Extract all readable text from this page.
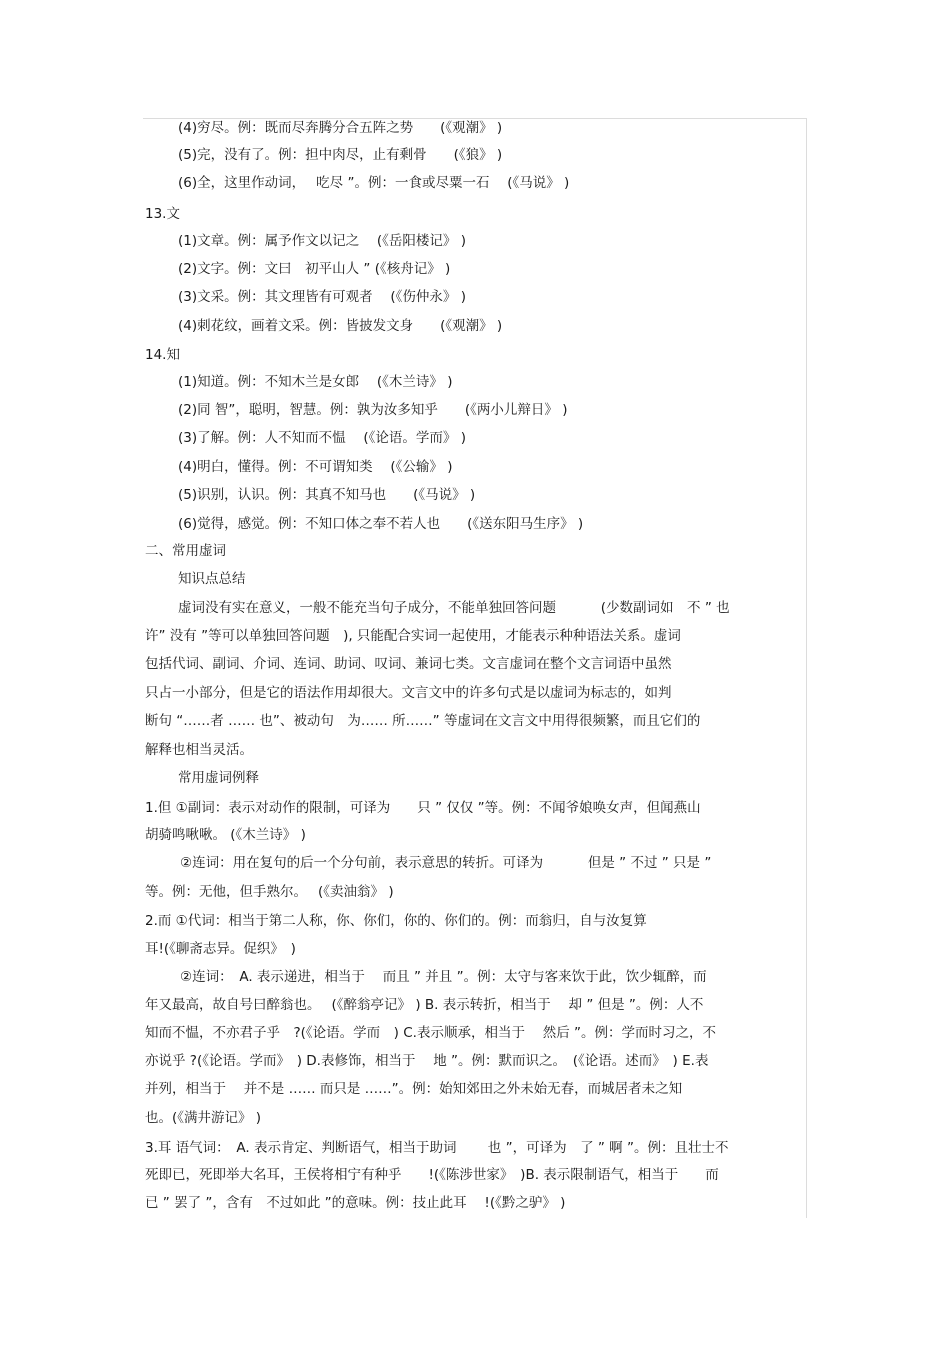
(4)穷尽。例：既而尽奔腾分合五阵之势　　(《观潮》 )
(5)完，没有了。例：担中肉尽，止有剩骨　　(《狼》 )
(6)全，这里作动词，　 吃尽 ”。例：一食或尽粟一石　 (《马说》 )
13.文
(1)文章。例：属予作文以记之　 (《岳阳楼记》 )
(2)文字。例：文曰　初平山人 ” (《核舟记》 )
(3)文采。例：其文理皆有可观者　 (《伤仲永》 )
(4)刺花纹，画着文采。例：皆披发文身　　(《观潮》 )
14.知
(1)知道。例：不知木兰是女郎　 (《木兰诗》 )
(2)同 智”，聪明，智慧。例：孰为汝多知乎　　(《两小儿辩日》 )
(3)了解。例：人不知而不愠　 (《论语。学而》 )
(4)明白，懂得。例：不可谓知类　 (《公输》 )
(5)识别，认识。例：其真不知马也　　(《马说》 )
(6)觉得，感觉。例：不知口体之奉不若人也　　(《送东阳马生序》 )
二、常用虚词
知识点总结
虚词没有实在意义，一般不能充当句子成分，不能单独回答问题　　　 (少数副词如　不 ” 也
许” 没有 ”等可以单独回答问题　), 只能配合实词一起使用，才能表示种种语法关系。虚词
包括代词、副词、介词、连词、助词、叹词、兼词七类。文言虚词在整个文言词语中虽然
只占一小部分，但是它的语法作用却很大。文言文中的许多句式是以虚词为标志的，如判
断句 “……者 …… 也”、被动句　为…… 所……” 等虚词在文言文中用得很频繁，而且它们的
解释也相当灵活。
常用虚词例释
1.但 ①副词：表示对动作的限制，可译为　　只 ” 仅仅 ”等。例：不闻爷娘唤女声，但闻燕山
胡骑鸣啾啾。 (《木兰诗》 )
②连词：用在复句的后一个分句前，表示意思的转折。可译为　　　 但是 ” 不过 ” 只是 ”
等。例：无他，但手熟尔。　 (《卖油翁》 )
2.而 ①代词：相当于第二人称，你、你们，你的、你们的。例：而翁归，自与汝复算
耳!(《聊斋志异。促织》　)
②连词：　A. 表示递进，相当于　 而且 ” 并且 ”。例：太守与客来饮于此，饮少辄醉，而
年又最高，故自号曰醉翁也。　 (《醉翁亭记》 ) B. 表示转折，相当于　 却 ” 但是 ”。例：人不
知而不愠，不亦君子乎　?(《论语。学而　) C.表示顺承，相当于　 然后 ”。例：学而时习之，不
亦说乎 ?(《论语。学而》　) D.表修饰，相当于　 地 ”。例：默而识之。　(《论语。述而》　) E.表
并列，相当于　 并不是 …… 而只是 ……”。例：始知郊田之外未始无春，而城居者未之知
也。(《满井游记》 )
3.耳 语气词：　A. 表示肯定、判断语气，相当于助词　　 也 ”，可译为　了 ” 啊 ”。例：且壮士不
死即已，死即举大名耳，王侯将相宁有种乎　　!(《陈涉世家》　)B. 表示限制语气，相当于　　而
已 ” 罢了 ”，含有　不过如此 ”的意味。例：技止此耳　 !(《黔之驴》 )
